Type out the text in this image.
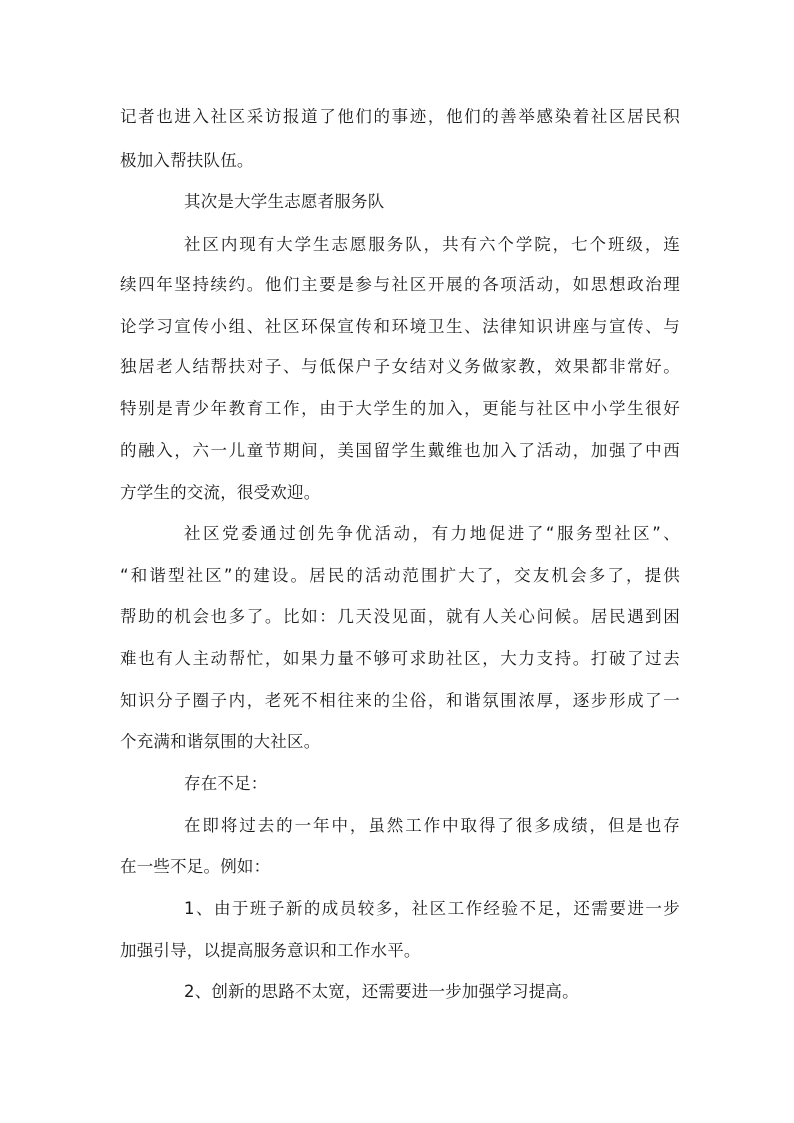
记者也进入社区采访报道了他们的事迹，他们的善举感染着社区居民积
极加入帮扶队伍。
其次是大学生志愿者服务队
社区内现有大学生志愿服务队，共有六个学院，七个班级，连
续四年坚持续约。他们主要是参与社区开展的各项活动，如思想政治理
论学习宣传小组、社区环保宣传和环境卫生、法律知识讲座与宣传、与
独居老人结帮扶对子、与低保户子女结对义务做家教，效果都非常好。
特别是青少年教育工作，由于大学生的加入，更能与社区中小学生很好
的融入，六一儿童节期间，美国留学生戴维也加入了活动，加强了中西
方学生的交流，很受欢迎。
社区党委通过创先争优活动，有力地促进了“服务型社区”、
“和谐型社区”的建设。居民的活动范围扩大了，交友机会多了，提供
帮助的机会也多了。比如：几天没见面，就有人关心问候。居民遇到困
难也有人主动帮忙，如果力量不够可求助社区，大力支持。打破了过去
知识分子圈子内，老死不相往来的尘俗，和谐氛围浓厚，逐步形成了一
个充满和谐氛围的大社区。
存在不足：
在即将过去的一年中，虽然工作中取得了很多成绩，但是也存
在一些不足。例如：
1、由于班子新的成员较多，社区工作经验不足，还需要进一步
加强引导，以提高服务意识和工作水平。
2、创新的思路不太宽，还需要进一步加强学习提高。
